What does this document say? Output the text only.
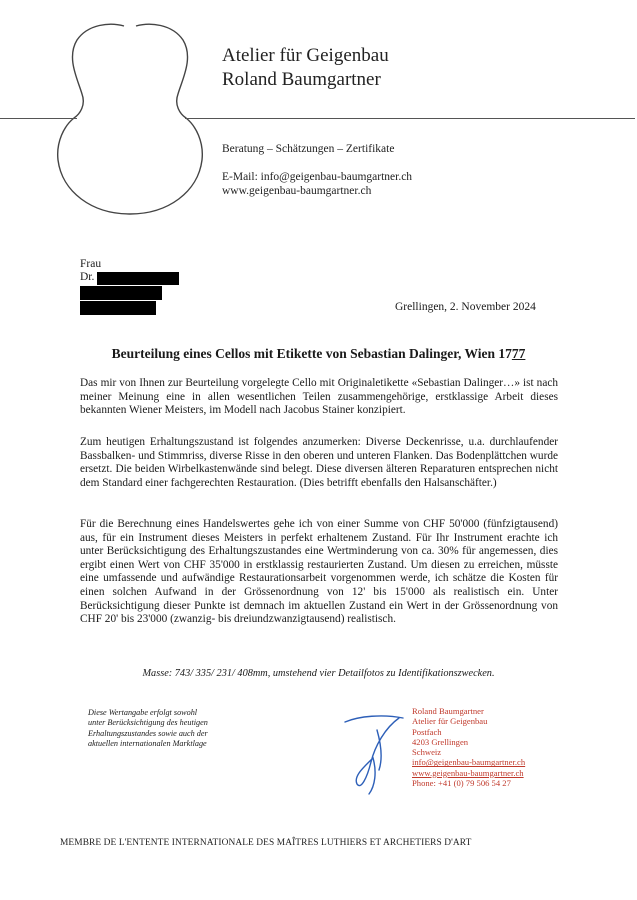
Atelier für Geigenbau
Roland Baumgartner
Beratung – Schätzungen – Zertifikate
E-Mail: info@geigenbau-baumgartner.ch
www.geigenbau-baumgartner.ch
Frau
Dr.
Grellingen, 2. November 2024
Beurteilung eines Cellos mit Etikette von Sebastian Dalinger, Wien 1777
Das mir von Ihnen zur Beurteilung vorgelegte Cello mit Originaletikette «Sebastian Dalinger…» ist nach meiner Meinung eine in allen wesentlichen Teilen zusammengehörige, erstklassige Arbeit dieses bekannten Wiener Meisters, im Modell nach Jacobus Stainer konzipiert.
Zum heutigen Erhaltungszustand ist folgendes anzumerken: Diverse Deckenrisse, u.a. durchlaufender Bassbalken- und Stimmriss, diverse Risse in den oberen und unteren Flanken. Das Bodenplättchen wurde ersetzt. Die beiden Wirbelkastenwände sind belegt. Diese diversen älteren Reparaturen entsprechen nicht dem Standard einer fachgerechten Restauration. (Dies betrifft ebenfalls den Halsanschäfter.)
Für die Berechnung eines Handelswertes gehe ich von einer Summe von CHF 50'000 (fünfzigtausend) aus, für ein Instrument dieses Meisters in perfekt erhaltenem Zustand. Für Ihr Instrument erachte ich unter Berücksichtigung des Erhaltungszustandes eine Wertminderung von ca. 30% für angemessen, dies ergibt einen Wert von CHF 35'000 in erstklassig restaurierten Zustand. Um diesen zu erreichen, müsste eine umfassende und aufwändige Restaurationsarbeit vorgenommen werde, ich schätze die Kosten für einen solchen Aufwand in der Grössenordnung von 12' bis 15'000 als realistisch ein. Unter Berücksichtigung dieser Punkte ist demnach im aktuellen Zustand ein Wert in der Grössenordnung von CHF 20' bis 23'000 (zwanzig- bis dreiundzwanzigtausend) realistisch.
Masse: 743/ 335/ 231/ 408mm, umstehend vier Detailfotos zu Identifikationszwecken.
Diese Wertangabe erfolgt sowohl
unter Berücksichtigung des heutigen
Erhaltungszustandes sowie auch der
aktuellen internationalen Marktlage
Roland Baumgartner
Atelier für Geigenbau
Postfach
4203 Grellingen
Schweiz
info@geigenbau-baumgartner.ch
www.geigenbau-baumgartner.ch
Phone: +41 (0) 79 506 54 27
MEMBRE DE L'ENTENTE INTERNATIONALE DES MAÎTRES LUTHIERS ET ARCHETIERS D'ART
